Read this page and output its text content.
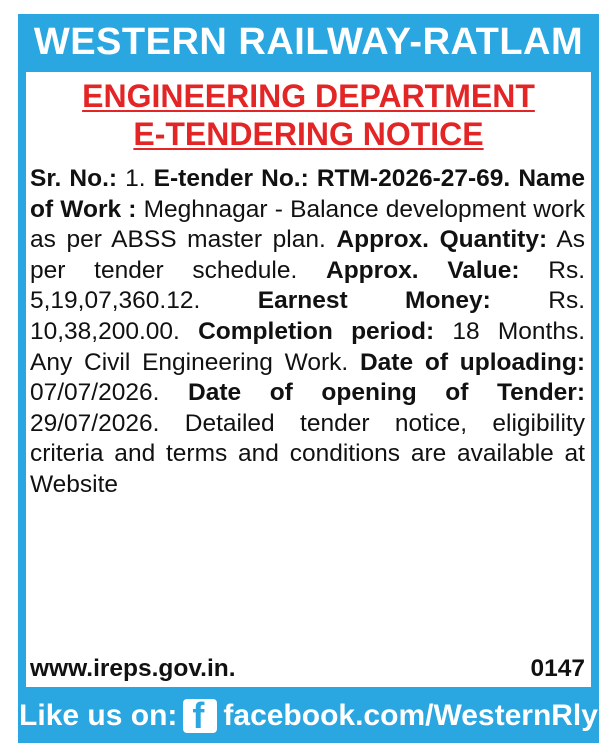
WESTERN RAILWAY-RATLAM
ENGINEERING DEPARTMENT
E-TENDERING NOTICE
Sr. No.: 1. E-tender No.: RTM-2026-27-69. Name of Work : Meghnagar - Balance development work as per ABSS master plan. Approx. Quantity: As per tender schedule. Approx. Value: Rs. 5,19,07,360.12. Earnest Money: Rs. 10,38,200.00. Completion period: 18 Months. Any Civil Engineering Work. Date of uploading: 07/07/2026. Date of opening of Tender: 29/07/2026. Detailed tender notice, eligibility criteria and terms and conditions are available at Website
www.ireps.gov.in.	0147
Like us on:
f facebook.com/WesternRly
